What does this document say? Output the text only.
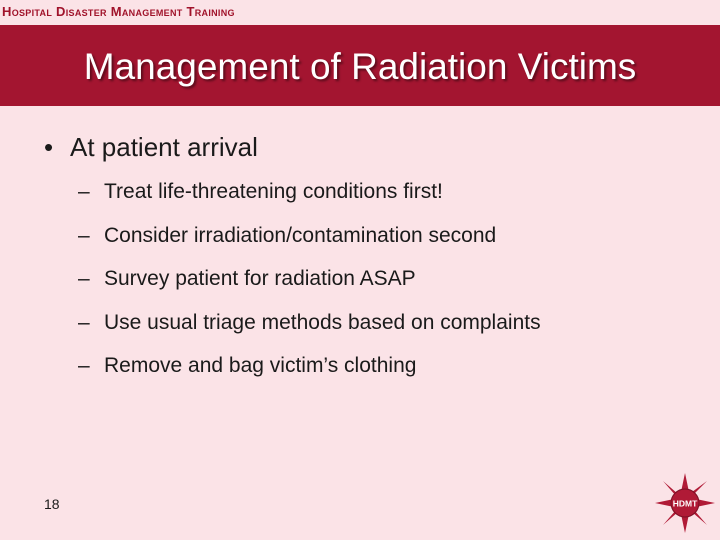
Hospital Disaster Management Training
Management of Radiation Victims
• At patient arrival
– Treat life-threatening conditions first!
– Consider irradiation/contamination second
– Survey patient for radiation ASAP
– Use usual triage methods based on complaints
– Remove and bag victim’s clothing
18	HDMT
